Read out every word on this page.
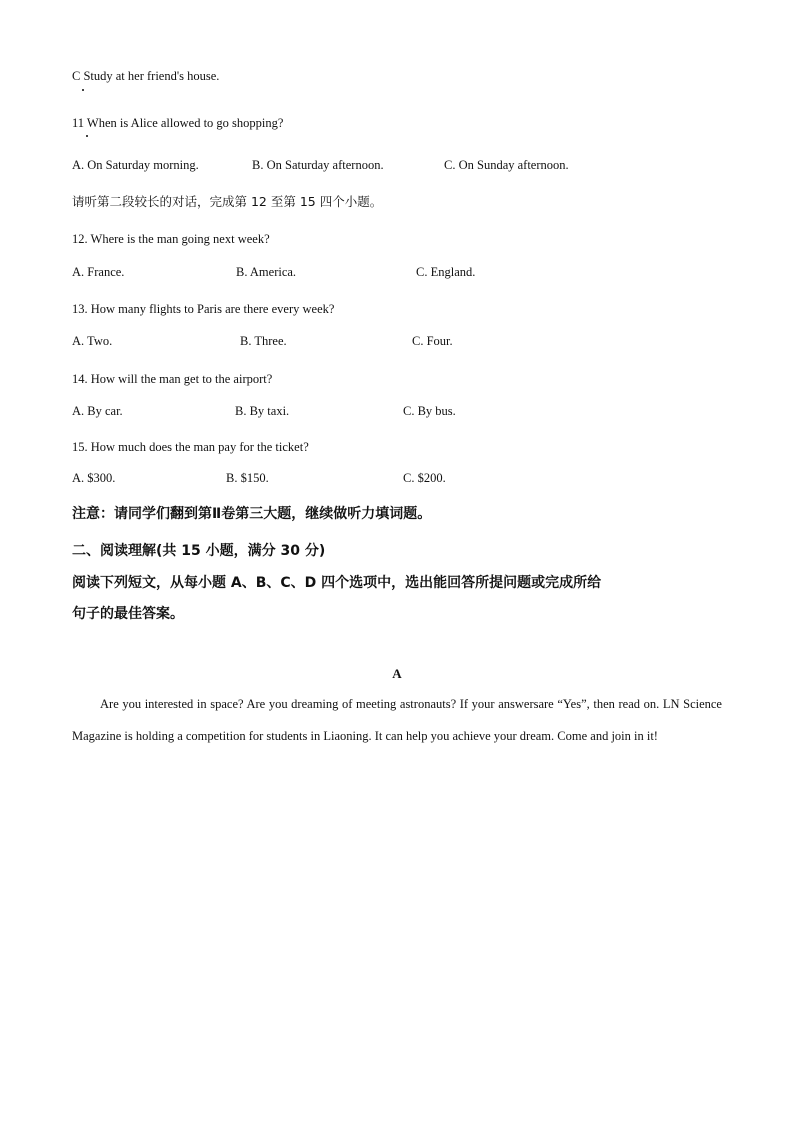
C Study at her friend's house.
11 When is Alice allowed to go shopping?
A. On Saturday morning.	B. On Saturday afternoon.	C. On Sunday afternoon.
请听第二段较长的对话，完成第 12 至第 15 四个小题。
12. Where is the man going next week?
A. France.	B. America.	C. England.
13. How many flights to Paris are there every week?
A. Two.	B. Three.	C. Four.
14. How will the man get to the airport?
A. By car.	B. By taxi.	C. By bus.
15. How much does the man pay for the ticket?
A. $300.	B. $150.	C. $200.
注意：请同学们翻到第Ⅱ卷第三大题，继续做听力填词题。
二、阅读理解(共 15 小题，满分 30 分)
阅读下列短文，从每小题 A、B、C、D 四个选项中，选出能回答所提问题或完成所给
句子的最佳答案。
A
Are you interested in space? Are you dreaming of meeting astronauts? If your answersare “Yes”, then read on. LN Science Magazine is holding a competition for students in Liaoning. It can help you achieve your dream. Come and join in it!
